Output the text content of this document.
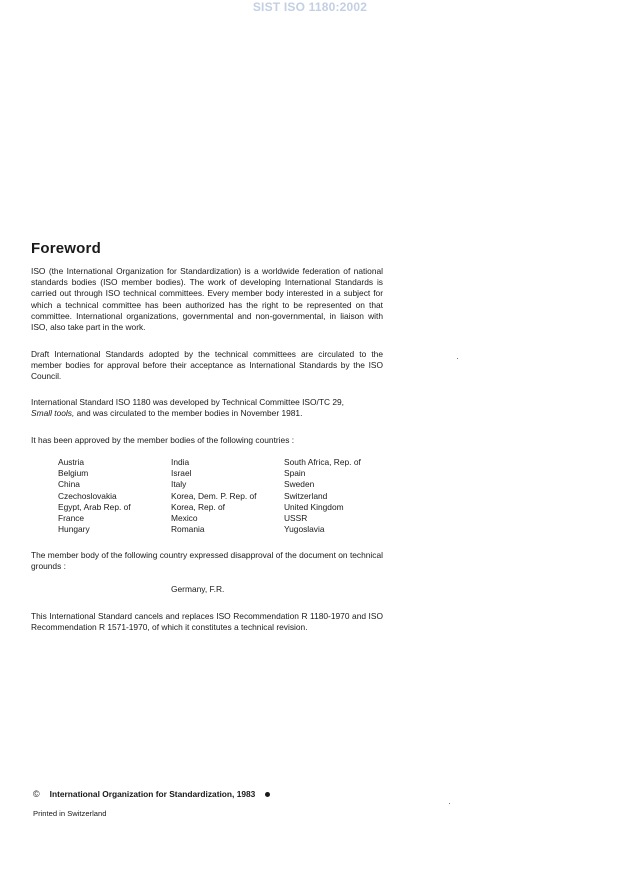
SIST ISO 1180:2002
Foreword

ISO (the International Organization for Standardization) is a worldwide federation of national standards bodies (ISO member bodies). The work of developing International Standards is carried out through ISO technical committees. Every member body interested in a subject for which a technical committee has been authorized has the right to be represented on that committee. International organizations, governmental and non-governmental, in liaison with ISO, also take part in the work.

Draft International Standards adopted by the technical committees are circulated to the member bodies for approval before their acceptance as International Standards by the ISO Council.

International Standard ISO 1180 was developed by Technical Committee ISO/TC 29,
Small tools, and was circulated to the member bodies in November 1981.

It has been approved by the member bodies of the following countries :

Austria
Belgium
China
Czechoslovakia
Egypt, Arab Rep. of
France
Hungary
India
Israel
Italy
Korea, Dem. P. Rep. of
Korea, Rep. of
Mexico
Romania
South Africa, Rep. of
Spain
Sweden
Switzerland
United Kingdom
USSR
Yugoslavia

The member body of the following country expressed disapproval of the document on technical grounds :

Germany, F.R.

This International Standard cancels and replaces ISO Recommendation R 1180-1970 and ISO Recommendation R 1571-1970, of which it constitutes a technical revision.

© International Organization for Standardization, 1983
Printed in Switzerland
